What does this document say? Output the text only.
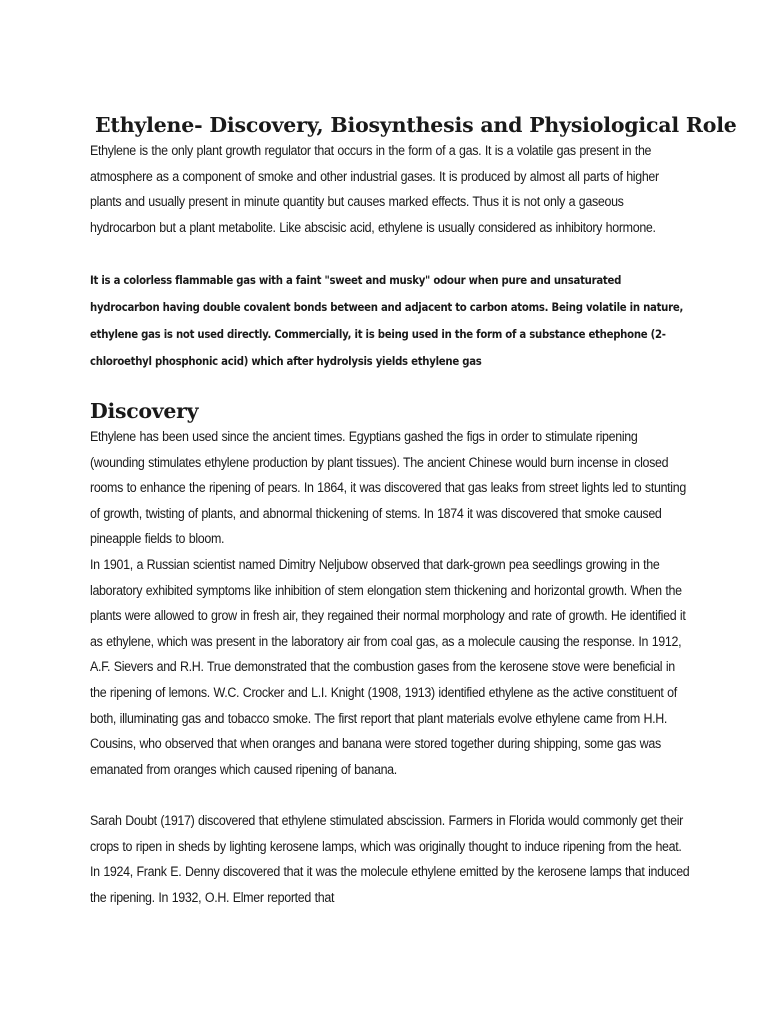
Ethylene- Discovery, Biosynthesis and Physiological Role

Ethylene is the only plant growth regulator that occurs in the form of a gas. It is a volatile gas present in the atmosphere as a component of smoke and other industrial gases. It is produced by almost all parts of higher plants and usually present in minute quantity but causes marked effects. Thus it is not only a gaseous hydrocarbon but a plant metabolite. Like abscisic acid, ethylene is usually considered as inhibitory hormone.

It is a colorless flammable gas with a faint "sweet and musky" odour when pure and unsaturated hydrocarbon having double covalent bonds between and adjacent to carbon atoms. Being volatile in nature, ethylene gas is not used directly. Commercially, it is being used in the form of a substance ethephone (2- chloroethyl phosphonic acid) which after hydrolysis yields ethylene gas

Discovery

Ethylene has been used since the ancient times. Egyptians gashed the figs in order to stimulate ripening (wounding stimulates ethylene production by plant tissues). The ancient Chinese would burn incense in closed rooms to enhance the ripening of pears. In 1864, it was discovered that gas leaks from street lights led to stunting of growth, twisting of plants, and abnormal thickening of stems. In 1874 it was discovered that smoke caused pineapple fields to bloom.

In 1901, a Russian scientist named Dimitry Neljubow observed that dark-grown pea seedlings growing in the laboratory exhibited symptoms like inhibition of stem elongation stem thickening and horizontal growth. When the plants were allowed to grow in fresh air, they regained their normal morphology and rate of growth. He identified it as ethylene, which was present in the laboratory air from coal gas, as a molecule causing the response. In 1912, A.F. Sievers and R.H. True demonstrated that the combustion gases from the kerosene stove were beneficial in the ripening of lemons. W.C. Crocker and L.I. Knight (1908, 1913) identified ethylene as the active constituent of both, illuminating gas and tobacco smoke. The first report that plant materials evolve ethylene came from H.H. Cousins, who observed that when oranges and banana were stored together during shipping, some gas was emanated from oranges which caused ripening of banana.

Sarah Doubt (1917) discovered that ethylene stimulated abscission. Farmers in Florida would commonly get their crops to ripen in sheds by lighting kerosene lamps, which was originally thought to induce ripening from the heat. In 1924, Frank E. Denny discovered that it was the molecule ethylene emitted by the kerosene lamps that induced the ripening. In 1932, O.H. Elmer reported that
